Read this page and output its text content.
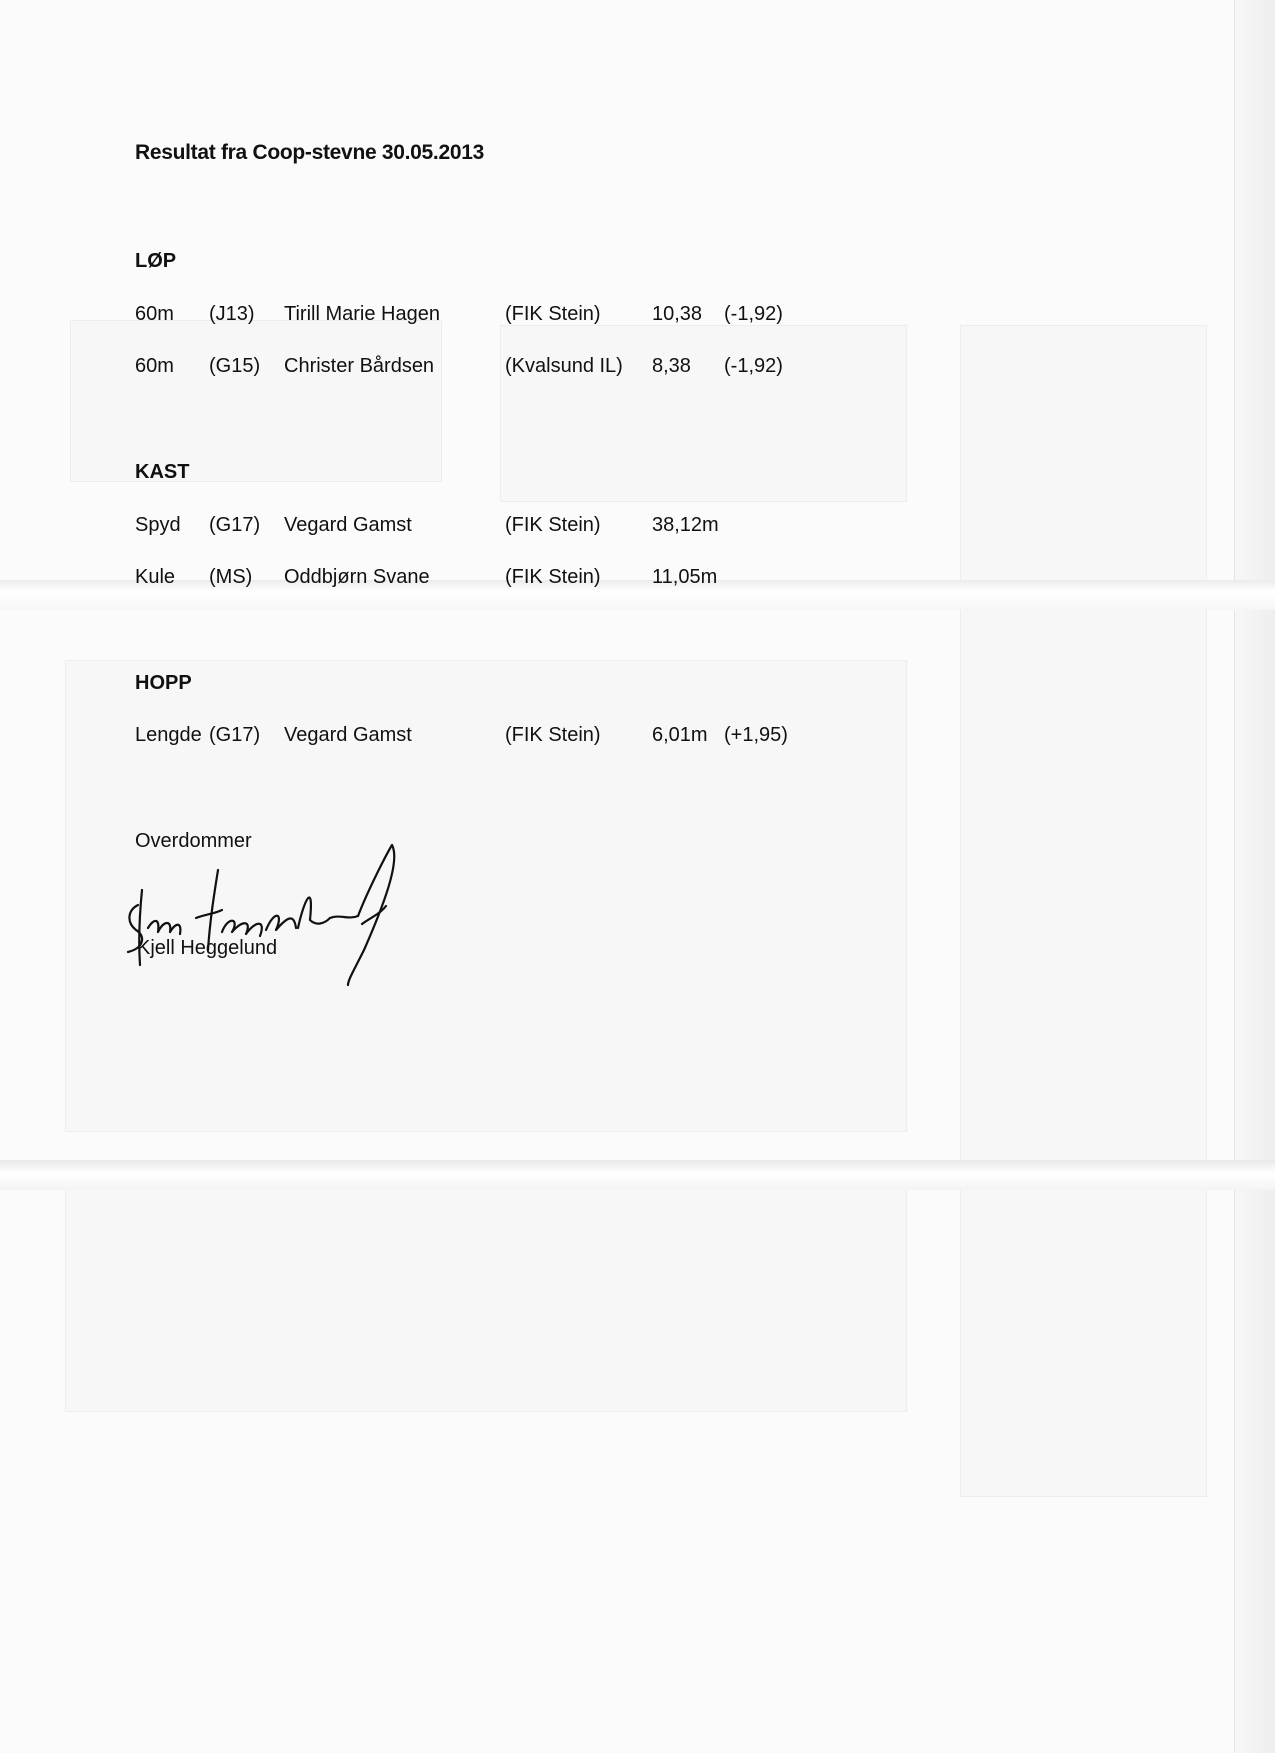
Resultat fra Coop-stevne 30.05.2013
LØP
60m (J13) Tirill Marie Hagen	(FIK Stein)	10,38 (-1,92)
60m (G15) Christer Bårdsen	(Kvalsund IL) 8,38 (-1,92)
KAST
Spyd (G17) Vegard Gamst	(FIK Stein)	38,12m
Kule (MS) Oddbjørn Svane	(FIK Stein)	11,05m
HOPP
Lengde (G17) Vegard Gamst	(FIK Stein)	6,01m (+1,95)
Overdommer
Kjell Heggelund
